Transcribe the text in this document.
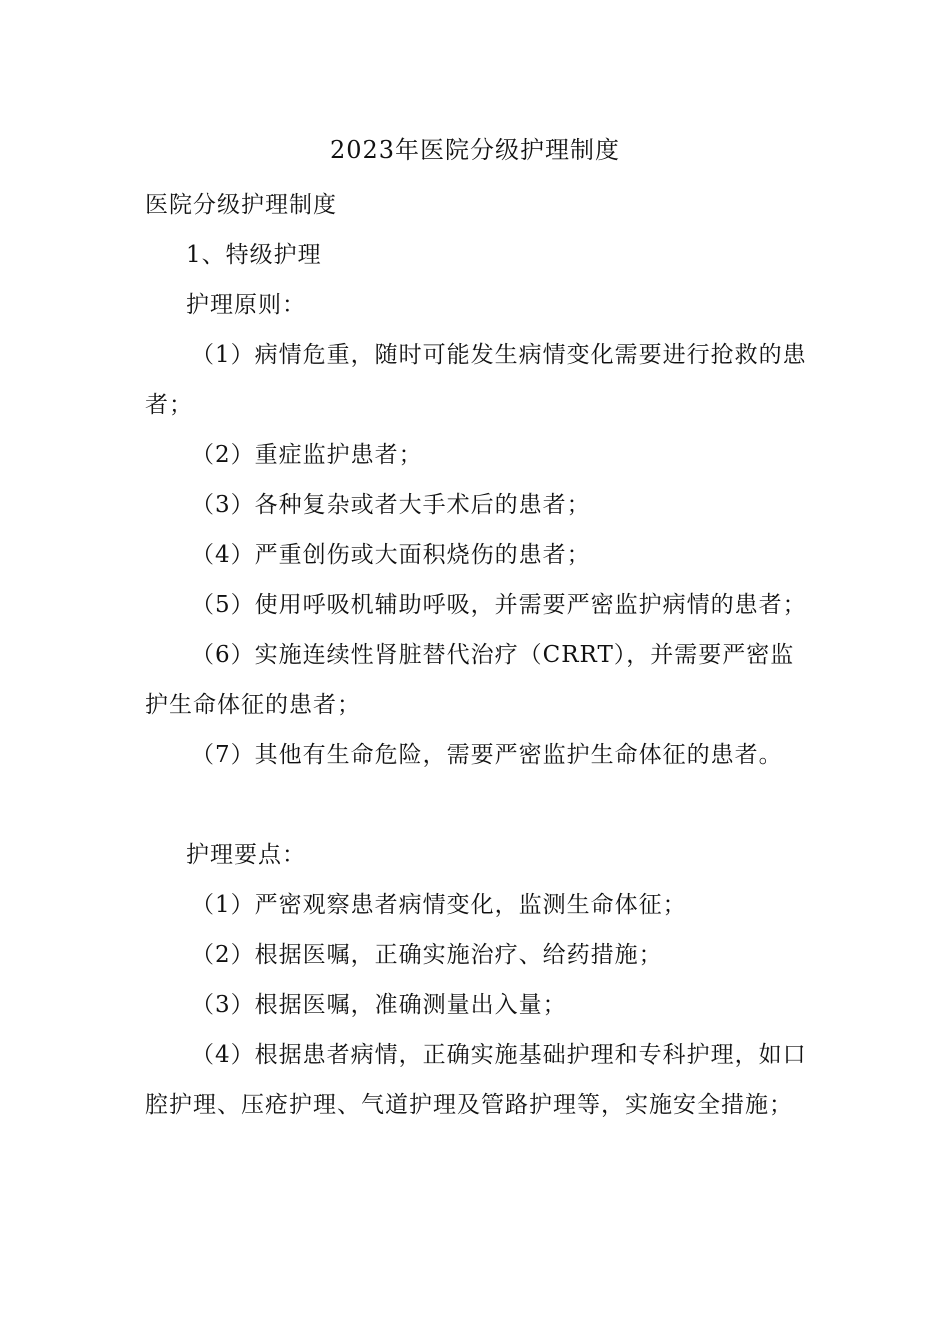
2023年医院分级护理制度

医院分级护理制度

1、特级护理

护理原则：

（1）病情危重，随时可能发生病情变化需要进行抢救的患者；

（2）重症监护患者；

（3）各种复杂或者大手术后的患者；

（4）严重创伤或大面积烧伤的患者；

（5）使用呼吸机辅助呼吸，并需要严密监护病情的患者；

（6）实施连续性肾脏替代治疗（CRRT），并需要严密监护生命体征的患者；

（7）其他有生命危险，需要严密监护生命体征的患者。

护理要点：

（1）严密观察患者病情变化，监测生命体征；

（2）根据医嘱，正确实施治疗、给药措施；

（3）根据医嘱，准确测量出入量；

（4）根据患者病情，正确实施基础护理和专科护理，如口腔护理、压疮护理、气道护理及管路护理等，实施安全措施；
